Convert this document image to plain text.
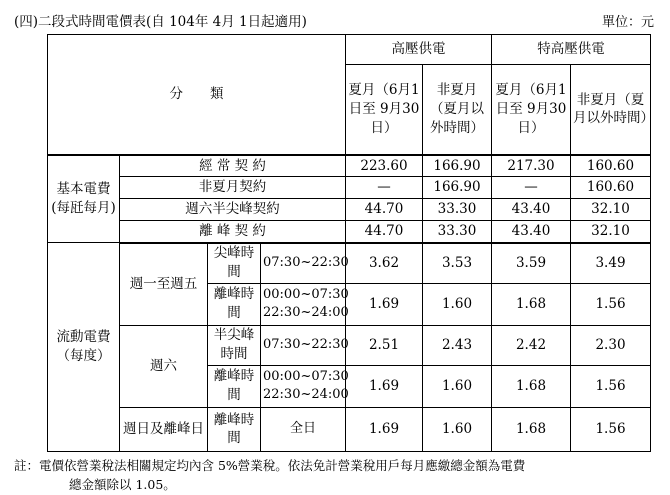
(四)二段式時間電價表(自 104年 4月 1日起適用)	單位：元
分　　類				高壓供電		特高壓供電	
				夏月（6月1日至 9月30日）	非夏月（夏月以外時間）	夏月（6月1日至 9月30日）	非夏月（夏月以外時間）
基本電費(每瓩每月)	經 常 契 約			223.60	166.90	217.30	160.60
	非夏月契約			—	166.90	—	160.60
	週六半尖峰契約			44.70	33.30	43.40	32.10
	離 峰 契 約			44.70	33.30	43.40	32.10
流動電費（每度）	週一至週五	尖峰時間	07:30~22:30	3.62	3.53	3.59	3.49
		離峰時間	00:00~07:30 22:30~24:00	1.69	1.60	1.68	1.56
	週六	半尖峰時間	07:30~22:30	2.51	2.43	2.42	2.30
		離峰時間	00:00~07:30 22:30~24:00	1.69	1.60	1.68	1.56
	週日及離峰日	離峰時間	全日	1.69	1.60	1.68	1.56
註：電價依營業稅法相關規定均內含 5%營業稅。依法免計營業稅用戶每月應繳總金額為電費
總金額除以 1.05。
